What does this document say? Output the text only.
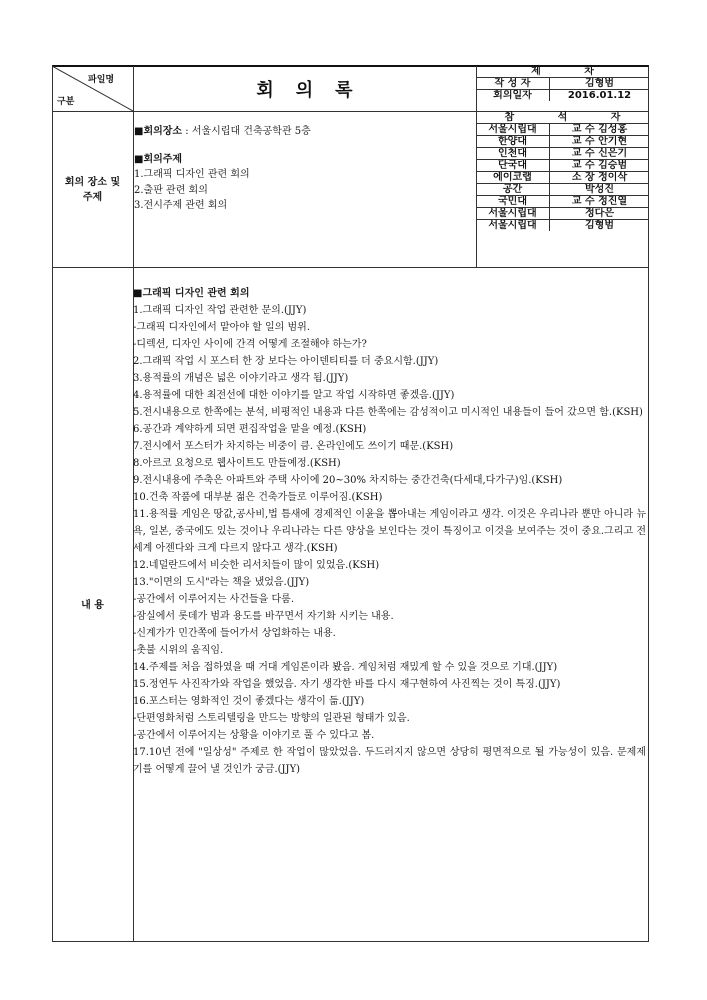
파일명
구분
회의록
제 차
작 성 자	김형범
회의일자	2016.01.12
참 석 자
서울시립대	교 수 김성홍
한양대	교 수 안기현
인천대	교 수 신은기
단국대	교 수 김승범
에이코랩	소 장 정이삭
공간	박성진
국민대	교 수 정진열
서울시립대	정다은
서울시립대	김형범
회의 장소 및
주제
■회의장소 : 서울시립대 건축공학관 5층
■회의주제
1.그래픽 디자인 관련 회의
2.출판 관련 회의
3.전시주제 관련 회의
내 용

■그래픽 디자인 관련 회의

1.그래픽 디자인 작업 관련한 문의.(JJY)

-그래픽 디자인에서 맡아야 할 일의 범위.

-디렉션, 디자인 사이에 간격 어떻게 조절해야 하는가?

2.그래픽 작업 시 포스터 한 장 보다는 아이덴티티를 더 중요시함.(JJY)

3.용적률의 개념은 넓은 이야기라고 생각 됨.(JJY)

4.용적률에 대한 최전선에 대한 이야기를 알고 작업 시작하면 좋겠음.(JJY)

5.전시내용으로 한쪽에는 분석, 비평적인 내용과 다른 한쪽에는 감성적이고 미시적인 내용들이 들어 갔으면 함.(KSH)

6.공간과 계약하게 되면 편집작업을 맡을 예정.(KSH)

7.전시에서 포스터가 차지하는 비중이 큼. 온라인에도 쓰이기 때문.(KSH)

8.아르코 요청으로 웹사이트도 만들예정.(KSH)

9.전시내용에 주축은 아파트와 주택 사이에 20~30% 차지하는 중간건축(다세대,다가구)임.(KSH)

10.건축 작품에 대부분 젊은 건축가들로 이루어짐.(KSH)

11.용적률 게임은 땅값,공사비,법 틈새에 경제적인 이윤을 뽑아내는 게임이라고 생각. 이것은 우리나라 뿐만 아니라 뉴욕, 일본, 중국에도 있는 것이나 우리나라는 다른 양상을 보인다는 것이 특징이고 이것을 보여주는 것이 중요.그리고 전세계 아젠다와 크게 다르지 않다고 생각.(KSH)

12.네덜란드에서 비슷한 리서치들이 많이 있었음.(KSH)

13."이면의 도시"라는 책을 냈었음.(JJY)

-공간에서 이루어지는 사건들을 다룸.

-잠실에서 롯데가 범과 용도를 바꾸면서 자기화 시키는 내용.

-신계가가 민간쪽에 들어가서 상업화하는 내용.

-촛불 시위의 움직임.

14.주제를 처음 접하였을 때 거대 게임론이라 봤음. 게임처럼 재밌게 할 수 있을 것으로 기대.(JJY)

15.정연두 사진작가와 작업을 했었음. 자기 생각한 바를 다시 재구현하여 사진찍는 것이 특징.(JJY)

16.포스터는 영화적인 것이 좋겠다는 생각이 듦.(JJY)

-단편영화처럼 스토리텔링을 만드는 방향의 일관된 형태가 있음.

-공간에서 이루어지는 상황을 이야기로 풀 수 있다고 봄.

17.10년 전에 "일상성" 주제로 한 작업이 많았었음. 두드러지지 않으면 상당히 평면적으로 될 가능성이 있음. 문제제기를 어떻게 끌어 낼 것인가 궁금.(JJY)
